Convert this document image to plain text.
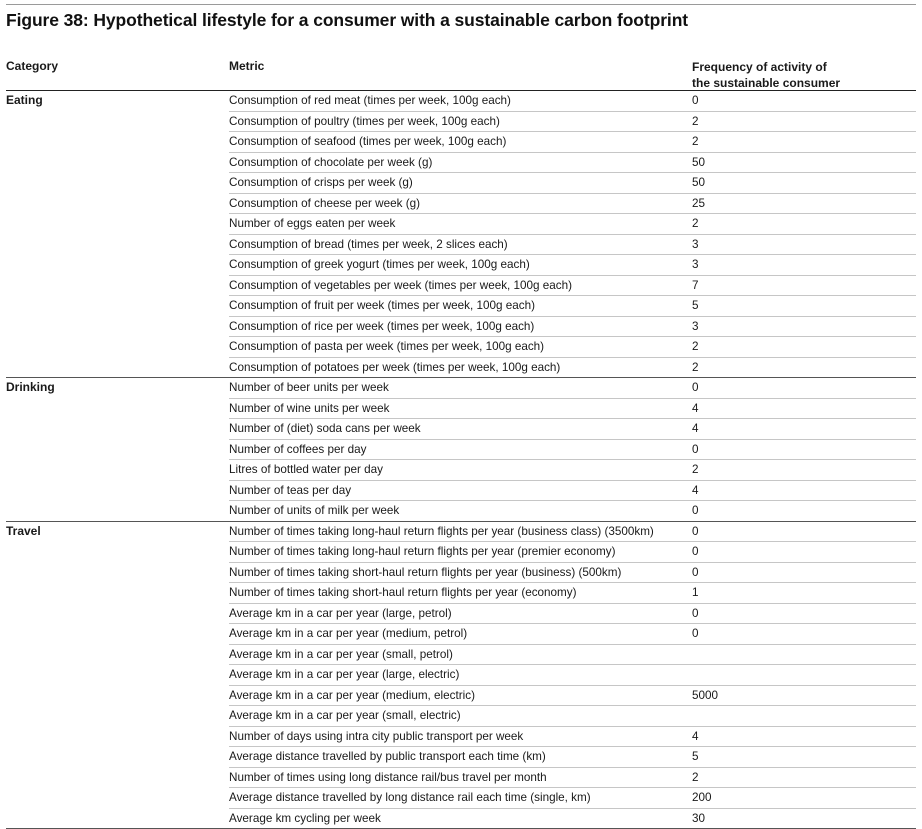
Figure 38: Hypothetical lifestyle for a consumer with a sustainable carbon footprint
Category	Metric	Frequency of activity of
the sustainable consumer
Eating	Consumption of red meat (times per week, 100g each)	0
Consumption of poultry (times per week, 100g each)	2
Consumption of seafood (times per week, 100g each)	2
Consumption of chocolate per week (g)	50
Consumption of crisps per week (g)	50
Consumption of cheese per week (g)	25
Number of eggs eaten per week	2
Consumption of bread (times per week, 2 slices each)	3
Consumption of greek yogurt (times per week, 100g each)	3
Consumption of vegetables per week (times per week, 100g each)	7
Consumption of fruit per week (times per week, 100g each)	5
Consumption of rice per week (times per week, 100g each)	3
Consumption of pasta per week (times per week, 100g each)	2
Consumption of potatoes per week (times per week, 100g each)	2
Drinking	Number of beer units per week	0
Number of wine units per week	4
Number of (diet) soda cans per week	4
Number of coffees per day	0
Litres of bottled water per day	2
Number of teas per day	4
Number of units of milk per week	0
Travel	Number of times taking long-haul return flights per year (business class) (3500km)	0
Number of times taking long-haul return flights per year (premier economy)	0
Number of times taking short-haul return flights per year (business) (500km)	0
Number of times taking short-haul return flights per year (economy)	1
Average km in a car per year (large, petrol)	0
Average km in a car per year (medium, petrol)	0
Average km in a car per year (small, petrol)
Average km in a car per year (large, electric)
Average km in a car per year (medium, electric)	5000
Average km in a car per year (small, electric)
Number of days using intra city public transport per week	4
Average distance travelled by public transport each time (km)	5
Number of times using long distance rail/bus travel per month	2
Average distance travelled by long distance rail each time (single, km)	200
Average km cycling per week	30
